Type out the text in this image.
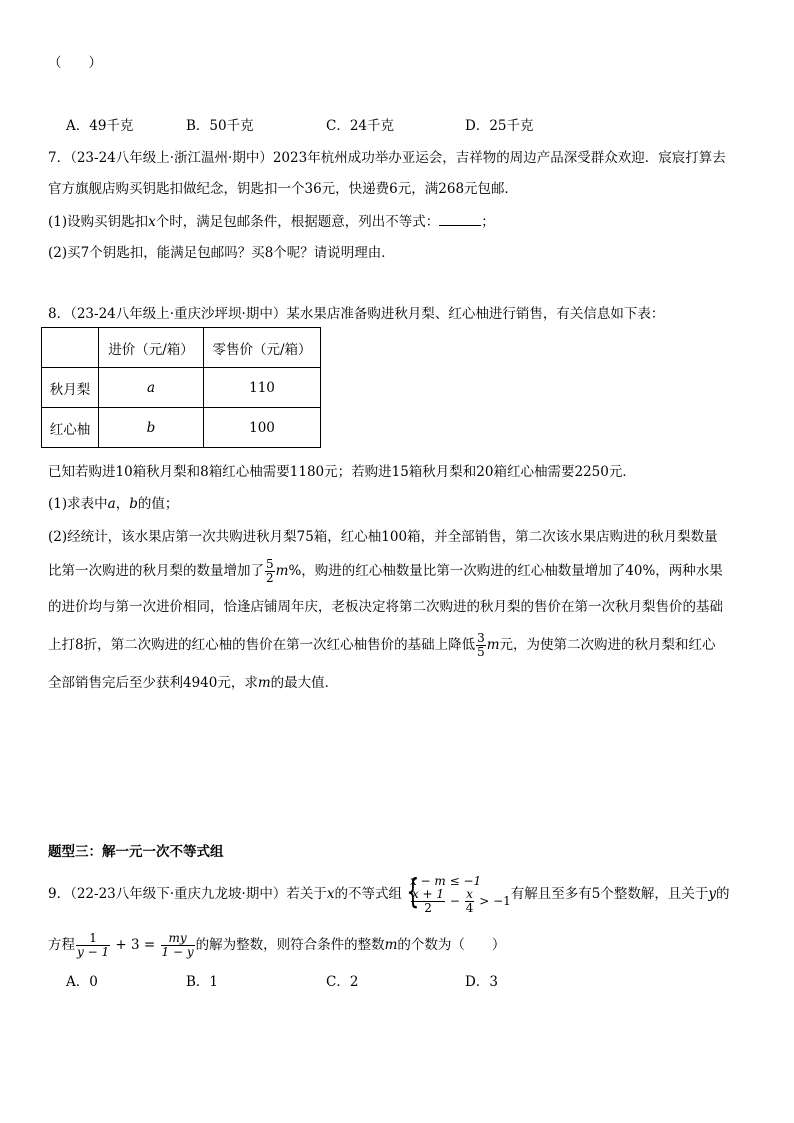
（　　）
A．49千克	B．50千克	C．24千克	D．25千克
7．（23-24八年级上·浙江温州·期中）2023年杭州成功举办亚运会，吉祥物的周边产品深受群众欢迎．宸宸打算去
官方旗舰店购买钥匙扣做纪念，钥匙扣一个36元，快递费6元，满268元包邮．
(1)设购买钥匙扣x个时，满足包邮条件，根据题意，列出不等式：	；
(2)买7个钥匙扣，能满足包邮吗？买8个呢？请说明理由．
8．（23-24八年级上·重庆沙坪坝·期中）某水果店准备购进秋月梨、红心柚进行销售，有关信息如下表：
	进价（元/箱）	零售价（元/箱）
秋月梨	a	110
红心柚	b	100
已知若购进10箱秋月梨和8箱红心柚需要1180元；若购进15箱秋月梨和20箱红心柚需要2250元．
(1)求表中a，b的值；
(2)经统计，该水果店第一次共购进秋月梨75箱，红心柚100箱，并全部销售，第二次该水果店购进的秋月梨数量
比第一次购进的秋月梨的数量增加了 $\frac{5}{2} m\%$，购进的红心柚数量比第一次购进的红心柚数量增加了40%，两种水果
的进价均与第一次进价相同，恰逢店铺周年庆，老板决定将第二次购进的秋月梨的售价在第一次秋月梨售价的基础
上打8折，第二次购进的红心柚的售价在第一次红心柚售价的基础上降低 $\frac{3}{5}$ m元，为使第二次购进的秋月梨和红心
全部销售完后至少获利4940元，求m的最大值．
题型三：解一元一次不等式组
9．（22-23八年级下·重庆九龙坡·期中）若关于x的不等式组 {
x − m ≤ −1
$\frac{x + 1}{2} - \frac{x}{4} > -1$ 有解且至多有5个整数解，且关于y的
方程 $\frac{1}{y - 1} + 3 = \frac{my}{1 - y}$ 的解为整数，则符合条件的整数m的个数为（　　）
A．0	B．1	C．2	D．3
